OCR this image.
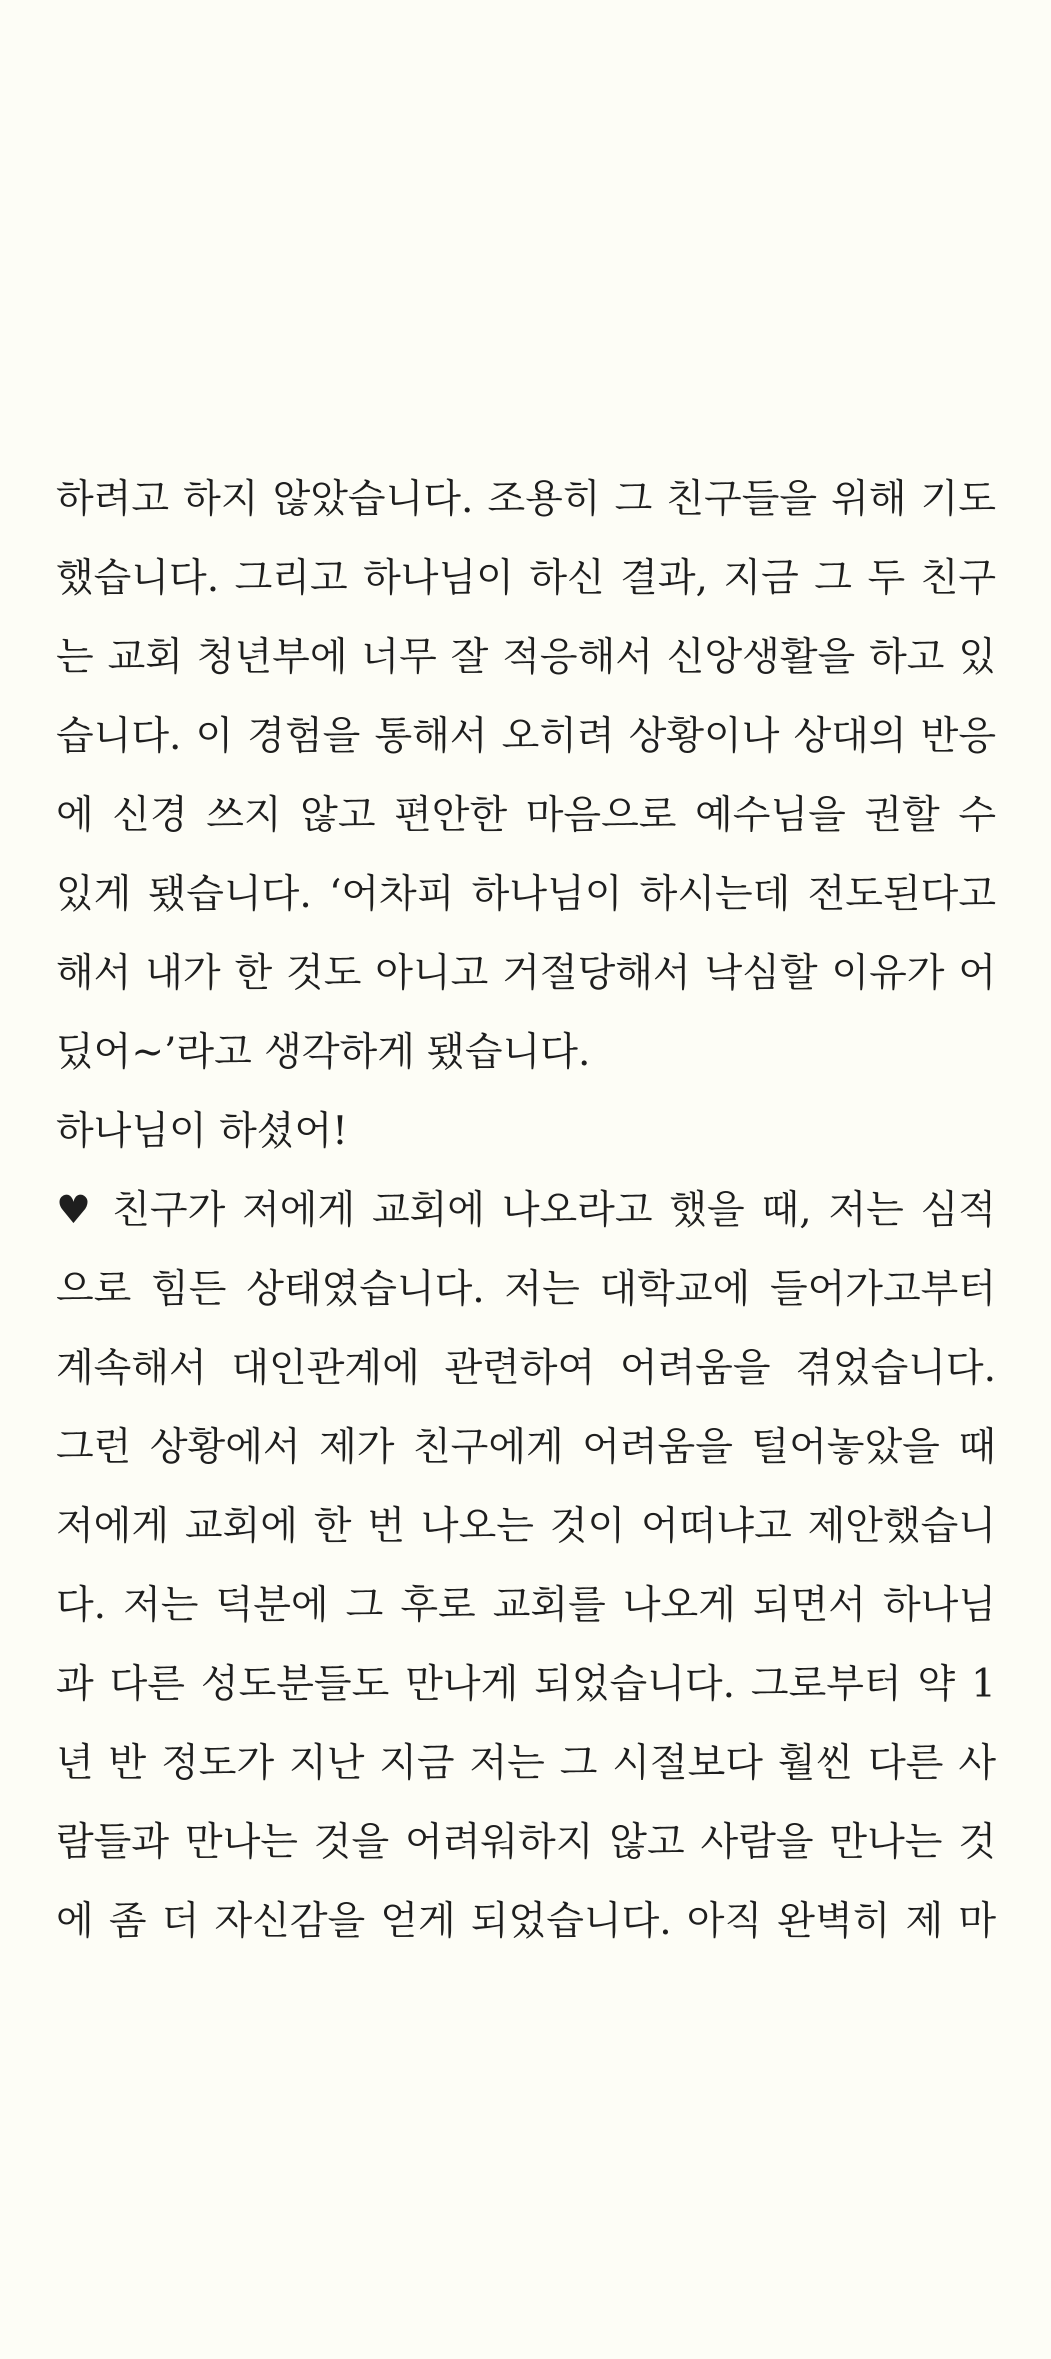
하려고 하지 않았습니다. 조용히 그 친구들을 위해 기도
했습니다. 그리고 하나님이 하신 결과, 지금 그 두 친구
는 교회 청년부에 너무 잘 적응해서 신앙생활을 하고 있
습니다. 이 경험을 통해서 오히려 상황이나 상대의 반응
에 신경 쓰지 않고 편안한 마음으로 예수님을 권할 수
있게 됐습니다. ‘어차피 하나님이 하시는데 전도된다고
해서 내가 한 것도 아니고 거절당해서 낙심할 이유가 어
딨어~’라고 생각하게 됐습니다.
하나님이 하셨어!
♥ 친구가 저에게 교회에 나오라고 했을 때, 저는 심적
으로 힘든 상태였습니다. 저는 대학교에 들어가고부터
계속해서 대인관계에 관련하여 어려움을 겪었습니다.
그런 상황에서 제가 친구에게 어려움을 털어놓았을 때
저에게 교회에 한 번 나오는 것이 어떠냐고 제안했습니
다. 저는 덕분에 그 후로 교회를 나오게 되면서 하나님
과 다른 성도분들도 만나게 되었습니다. 그로부터 약 1
년 반 정도가 지난 지금 저는 그 시절보다 훨씬 다른 사
람들과 만나는 것을 어려워하지 않고 사람을 만나는 것
에 좀 더 자신감을 얻게 되었습니다. 아직 완벽히 제 마
